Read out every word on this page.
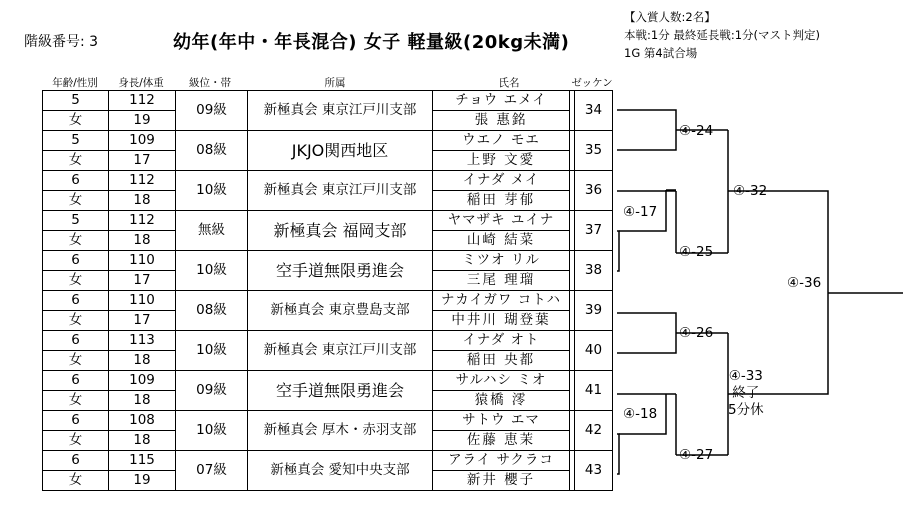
階級番号: 3	幼年(年中・年長混合) 女子 軽量級(20kg未満)
【入賞人数:2名】
本戦:1分 最終延長戦:1分(マスト判定)
1G 第4試合場
年齢/性別	身長/体重	級位・帯	所属	氏名	ゼッケン
5	112	09級	新極真会 東京江戸川支部	チョウ エメイ		34
女	19			張 惠銘		
5	109	08級	JKJO関西地区	ウエノ モエ		35
女	17			上野 文愛		
6	112	10級	新極真会 東京江戸川支部	イナダ メイ		36
女	18			稲田 芽郁		
5	112	無級	新極真会 福岡支部	ヤマザキ ユイナ		37
女	18			山崎 結菜		
6	110	10級	空手道無限勇進会	ミツオ リル		38
女	17			三尾 理瑠		
6	110	08級	新極真会 東京豊島支部	ナカイガワ コトハ		39
女	17			中井川 瑚登葉		
6	113	10級	新極真会 東京江戸川支部	イナダ オト		40
女	18			稲田 央都		
6	109	09級	空手道無限勇進会	サルハシ ミオ		41
女	18			猿橋 澪		
6	108	10級	新極真会 厚木・赤羽支部	サトウ エマ		42
女	18			佐藤 恵茉		
6	115	07級	新極真会 愛知中央支部	アライ サクラコ		43
女	19			新井 櫻子		
④-24
④-17
④-25
④-32
④-26
④-18
④-27
④-33
終了
5分休
④-36
